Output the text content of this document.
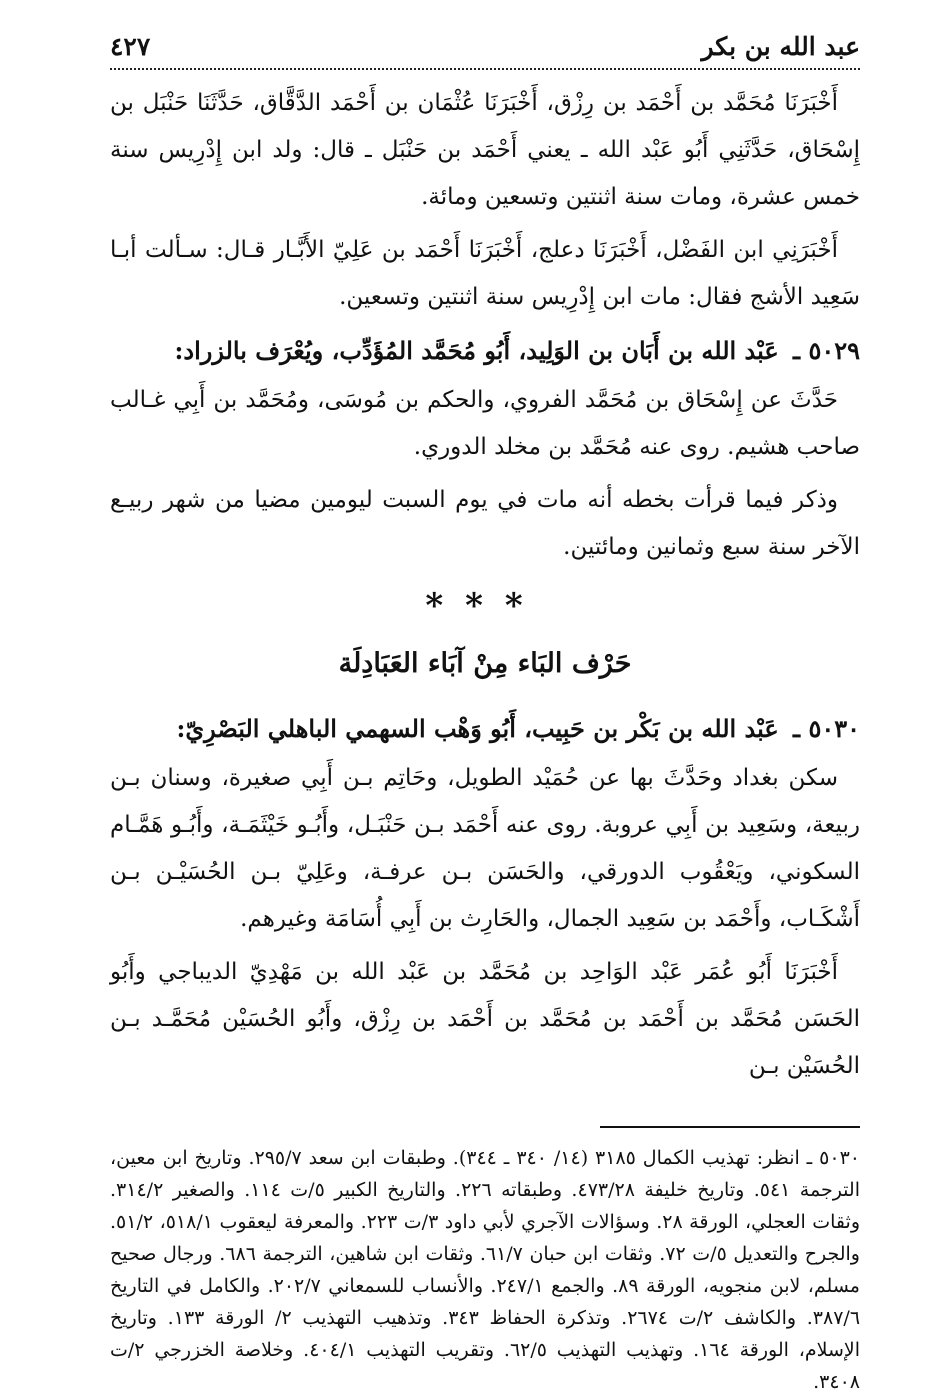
عبد الله بن بكر
٤٢٧

أَخْبَرَنَا مُحَمَّد بن أَحْمَد بن رِزْق، أَخْبَرَنَا عُثْمَان بن أَحْمَد الدَّقَّاق، حَدَّثَنَا حَنْبَل بن إِسْحَاق، حَدَّثَنِي أَبُو عَبْد الله ـ يعني أَحْمَد بن حَنْبَل ـ قال: ولد ابن إِدْرِيس سنة خمس عشرة، ومات سنة اثنتين وتسعين ومائة.

أَخْبَرَنِي ابن الفَضْل، أَخْبَرَنَا دعلج، أَخْبَرَنَا أَحْمَد بن عَلِيّ الأَبَّـار قـال: سـألت أبـا سَعِيد الأشج فقال: مات ابن إِدْرِيس سنة اثنتين وتسعين.

٥٠٢٩ ـ عَبْد الله بن أَبَان بن الوَلِيد، أَبُو مُحَمَّد المُؤَدِّب، ويُعْرَف بالزراد:

حَدَّثَ عن إِسْحَاق بن مُحَمَّد الفروي، والحكم بن مُوسَى، ومُحَمَّد بن أَبِي غـالب صاحب هشيم. روى عنه مُحَمَّد بن مخلد الدوري.

وذكر فيما قرأت بخطه أنه مات في يوم السبت ليومين مضيا من شهر ربيـع الآخر سنة سبع وثمانين ومائتين.

***
حَرْف البَاء مِنْ آبَاء العَبَادِلَة
٥٠٣٠ ـ عَبْد الله بن بَكْر بن حَبِيب، أَبُو وَهْب السهمي الباهلي البَصْرِيّ:

سكن بغداد وحَدَّثَ بها عن حُمَيْد الطويل، وحَاتِم بـن أَبِي صغيرة، وسنان بـن ربيعة، وسَعِيد بن أَبِي عروبة. روى عنه أَحْمَد بـن حَنْبَـل، وأَبُـو خَيْثَمَـة، وأَبُـو هَمَّـام السكوني، ويَعْقُوب الدورقي، والحَسَن بـن عرفـة، وعَلِيّ بـن الحُسَيْـن بـن أَشْكَـاب، وأَحْمَد بن سَعِيد الجمال، والحَارِث بن أَبِي أُسَامَة وغيرهم.

أَخْبَرَنَا أَبُو عُمَر عَبْد الوَاحِد بن مُحَمَّد بن عَبْد الله بن مَهْدِيّ الديباجي وأَبُو الحَسَن مُحَمَّد بن أَحْمَد بن مُحَمَّد بن أَحْمَد بن رِزْق، وأَبُو الحُسَيْن مُحَمَّـد بـن الحُسَيْن بـن

٥٠٣٠ ـ انظر: تهذيب الكمال ٣١٨٥ (١٤/ ٣٤٠ ـ ٣٤٤). وطبقات ابن سعد ٢٩٥/٧. وتاريخ ابن معين، الترجمة ٥٤١. وتاريخ خليفة ٤٧٣/٢٨. وطبقاته ٢٢٦. والتاريخ الكبير ٥/ت ١١٤. والصغير ٣١٤/٢. وثقات العجلي، الورقة ٢٨. وسؤالات الآجري لأبي داود ٣/ت ٢٢٣. والمعرفة ليعقوب ٥١٨/١، ٥١/٢. والجرح والتعديل ٥/ت ٧٢. وثقات ابن حبان ٦١/٧. وثقات ابن شاهين، الترجمة ٦٨٦. ورجال صحيح مسلم، لابن منجويه، الورقة ٨٩. والجمع ٢٤٧/١. والأنساب للسمعاني ٢٠٢/٧. والكامل في التاريخ ٣٨٧/٦. والكاشف ٢/ت ٢٦٧٤. وتذكرة الحفاظ ٣٤٣. وتذهيب التهذيب ٢/ الورقة ١٣٣. وتاريخ الإسلام، الورقة ١٦٤. وتهذيب التهذيب ٦٢/٥. وتقريب التهذيب ٤٠٤/١. وخلاصة الخزرجي ٢/ت ٣٤٠٨.
